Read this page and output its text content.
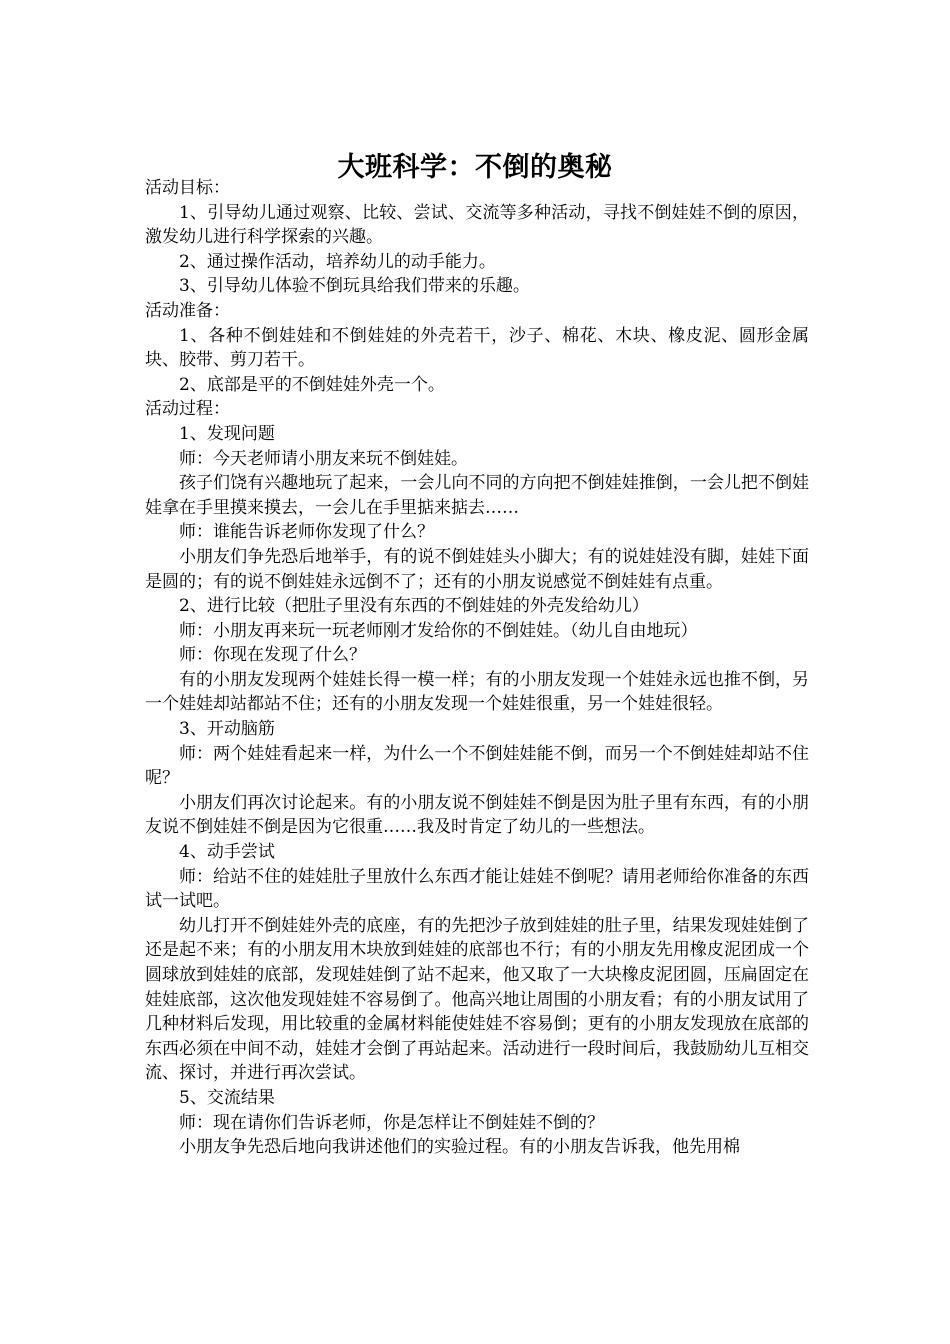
大班科学：不倒的奥秘

活动目标：

1、引导幼儿通过观察、比较、尝试、交流等多种活动，寻找不倒娃娃不倒的原因，激发幼儿进行科学探索的兴趣。

2、通过操作活动，培养幼儿的动手能力。

3、引导幼儿体验不倒玩具给我们带来的乐趣。

活动准备：

1、各种不倒娃娃和不倒娃娃的外壳若干，沙子、棉花、木块、橡皮泥、圆形金属块、胶带、剪刀若干。

2、底部是平的不倒娃娃外壳一个。

活动过程：

1、发现问题

师：今天老师请小朋友来玩不倒娃娃。

孩子们饶有兴趣地玩了起来，一会儿向不同的方向把不倒娃娃推倒，一会儿把不倒娃娃拿在手里摸来摸去，一会儿在手里掂来掂去……

师：谁能告诉老师你发现了什么？

小朋友们争先恐后地举手，有的说不倒娃娃头小脚大；有的说娃娃没有脚，娃娃下面是圆的；有的说不倒娃娃永远倒不了；还有的小朋友说感觉不倒娃娃有点重。

2、进行比较（把肚子里没有东西的不倒娃娃的外壳发给幼儿）

师：小朋友再来玩一玩老师刚才发给你的不倒娃娃。（幼儿自由地玩）

师：你现在发现了什么？

有的小朋友发现两个娃娃长得一模一样；有的小朋友发现一个娃娃永远也推不倒，另一个娃娃却站都站不住；还有的小朋友发现一个娃娃很重，另一个娃娃很轻。

3、开动脑筋

师：两个娃娃看起来一样，为什么一个不倒娃娃能不倒，而另一个不倒娃娃却站不住呢？

小朋友们再次讨论起来。有的小朋友说不倒娃娃不倒是因为肚子里有东西，有的小朋友说不倒娃娃不倒是因为它很重……我及时肯定了幼儿的一些想法。

4、动手尝试

师：给站不住的娃娃肚子里放什么东西才能让娃娃不倒呢？请用老师给你准备的东西试一试吧。

幼儿打开不倒娃娃外壳的底座，有的先把沙子放到娃娃的肚子里，结果发现娃娃倒了还是起不来；有的小朋友用木块放到娃娃的底部也不行；有的小朋友先用橡皮泥团成一个圆球放到娃娃的底部，发现娃娃倒了站不起来，他又取了一大块橡皮泥团圆，压扁固定在娃娃底部，这次他发现娃娃不容易倒了。他高兴地让周围的小朋友看；有的小朋友试用了几种材料后发现，用比较重的金属材料能使娃娃不容易倒；更有的小朋友发现放在底部的东西必须在中间不动，娃娃才会倒了再站起来。活动进行一段时间后，我鼓励幼儿互相交流、探讨，并进行再次尝试。

5、交流结果

师：现在请你们告诉老师，你是怎样让不倒娃娃不倒的？

小朋友争先恐后地向我讲述他们的实验过程。有的小朋友告诉我，他先用棉
